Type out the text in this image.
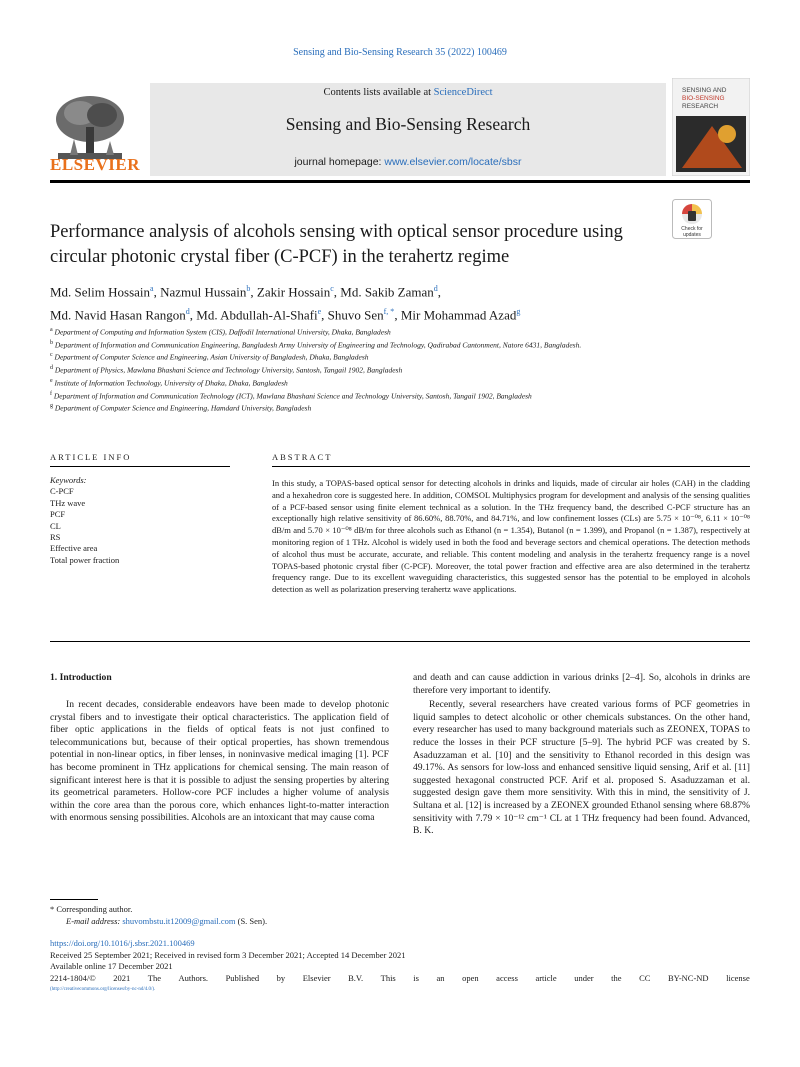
Sensing and Bio-Sensing Research 35 (2022) 100469
ELSEVIER
Contents lists available at ScienceDirect
Sensing and Bio-Sensing Research
journal homepage: www.elsevier.com/locate/sbsr
SENSING AND
BIO-SENSING
RESEARCH
Performance analysis of alcohols sensing with optical sensor procedure using circular photonic crystal fiber (C-PCF) in the terahertz regime
Check for
updates
Md. Selim Hossain$^a$, Nazmul Hussain$^b$, Zakir Hossain$^c$, Md. Sakib Zaman$^d$,
Md. Navid Hasan Rangon$^d$, Md. Abdullah-Al-Shafi$^e$, Shuvo Sen$^{f, *}$, Mir Mohammad Azad$^g$
$^a$ Department of Computing and Information System (CIS), Daffodil International University, Dhaka, Bangladesh
$^b$ Department of Information and Communication Engineering, Bangladesh Army University of Engineering and Technology, Qadirabad Cantonment, Natore 6431, Bangladesh.
$^c$ Department of Computer Science and Engineering, Asian University of Bangladesh, Dhaka, Bangladesh
$^d$ Department of Physics, Mawlana Bhashani Science and Technology University, Santosh, Tangail 1902, Bangladesh
$^e$ Institute of Information Technology, University of Dhaka, Dhaka, Bangladesh
$^f$ Department of Information and Communication Technology (ICT), Mawlana Bhashani Science and Technology University, Santosh, Tangail 1902, Bangladesh
$^g$ Department of Computer Science and Engineering, Hamdard University, Bangladesh
ARTICLE INFO	ABSTRACT
Keywords:
C-PCF
THz wave
PCF
CL
RS
Effective area
Total power fraction
In this study, a TOPAS-based optical sensor for detecting alcohols in drinks and liquids, made of circular air holes (CAH) in the cladding and a hexahedron core is suggested here. In addition, COMSOL Multiphysics program for development and analysis of the sensing qualities of a PCF-based sensor using finite element technical as a solution. In the THz frequency band, the described C-PCF structure has an exceptionally high relative sensitivity of 86.60%, 88.70%, and 84.71%, and low confinement losses (CLs) are 5.75 × 10⁻⁰⁸, 6.11 × 10⁻⁰⁸ dB/m and 5.70 × 10⁻⁰⁸ dB/m for three alcohols such as Ethanol (n = 1.354), Butanol (n = 1.399), and Propanol (n = 1.387), respectively at monitoring region of 1 THz. Alcohol is widely used in both the food and beverage sectors and chemical operations. The detection methods of alcohol thus must be accurate, accurate, and reliable. This content modeling and analysis in the terahertz frequency range is a novel TOPAS-based photonic crystal fiber (C-PCF). Moreover, the total power fraction and effective area are also determined in the terahertz frequency range. Due to its excellent waveguiding characteristics, this suggested sensor has the potential to be employed in alcohols detection as well as polarization preserving terahertz wave applications.
1. Introduction
In recent decades, considerable endeavors have been made to develop photonic crystal fibers and to investigate their optical characteristics. The application field of fiber optic applications in the fields of optical feats is not just confined to telecommunications but, because of their optical properties, has shown tremendous potential in non-linear optics, in fiber lenses, in noninvasive medical imaging [1]. PCF has become prominent in THz applications for chemical sensing. The main reason of significant interest here is that it is possible to adjust the sensing properties by altering its geometrical parameters. Hollow-core PCF includes a higher volume of analysis within the core area than the porous core, which enhances light-to-matter interaction with enormous sensing possibilities. Alcohols are an intoxicant that may cause coma

and death and can cause addiction in various drinks [2–4]. So, alcohols in drinks are therefore very important to identify.

Recently, several researchers have created various forms of PCF geometries in liquid samples to detect alcoholic or other chemicals substances. On the other hand, every researcher has used to many background materials such as ZEONEX, TOPAS to reduce the losses in their PCF structure [5–9]. The hybrid PCF was created by S. Asaduzzaman et al. [10] and the sensitivity to Ethanol recorded in this design was 49.17%. As sensors for low-loss and enhanced sensitive liquid sensing, Arif et al. [11] suggested hexagonal constructed PCF. Arif et al. proposed S. Asaduzzaman et al. suggested design gave them more sensitivity. With this in mind, the sensitivity of J. Sultana et al. [12] is increased by a ZEONEX grounded Ethanol sensing where 68.87% sensitivity with 7.79 × 10⁻¹² cm⁻¹ CL at 1 THz frequency had been found. Advanced, B. K.

* Corresponding author.
E-mail address: shuvombstu.it12009@gmail.com (S. Sen).
https://doi.org/10.1016/j.sbsr.2021.100469
Received 25 September 2021; Received in revised form 3 December 2021; Accepted 14 December 2021
Available online 17 December 2021
2214-1804/© 2021 The Authors. Published by Elsevier B.V. This is an open access article under the CC BY-NC-ND license
(http://creativecommons.org/licenses/by-nc-nd/4.0/).
